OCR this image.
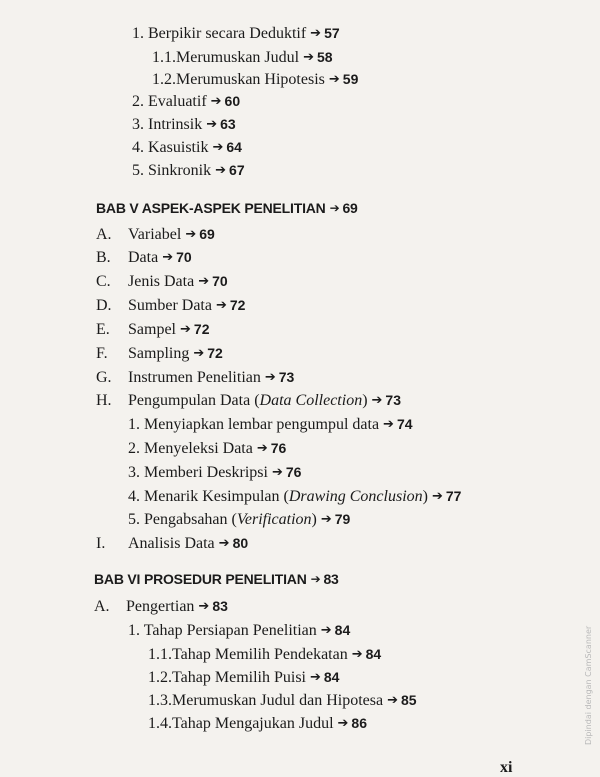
1. Berpikir secara Deduktif ➔ 57
1.1.Merumuskan Judul ➔ 58
1.2.Merumuskan Hipotesis ➔ 59
2. Evaluatif ➔ 60
3. Intrinsik ➔ 63
4. Kasuistik ➔ 64
5. Sinkronik ➔ 67
BAB V ASPEK-ASPEK PENELITIAN ➔ 69
A. Variabel ➔ 69
B. Data ➔ 70
C. Jenis Data ➔ 70
D. Sumber Data ➔ 72
E. Sampel ➔ 72
F. Sampling ➔ 72
G. Instrumen Penelitian ➔ 73
H. Pengumpulan Data (Data Collection) ➔ 73
1. Menyiapkan lembar pengumpul data ➔ 74
2. Menyeleksi Data ➔ 76
3. Memberi Deskripsi ➔ 76
4. Menarik Kesimpulan (Drawing Conclusion) ➔ 77
5. Pengabsahan (Verification) ➔ 79
I. Analisis Data ➔ 80
BAB VI PROSEDUR PENELITIAN ➔ 83
A. Pengertian ➔ 83
1. Tahap Persiapan Penelitian ➔ 84
1.1.Tahap Memilih Pendekatan ➔ 84
1.2.Tahap Memilih Puisi ➔ 84
1.3.Merumuskan Judul dan Hipotesa ➔ 85
1.4.Tahap Mengajukan Judul ➔ 86
xi
Dipindai dengan CamScanner
